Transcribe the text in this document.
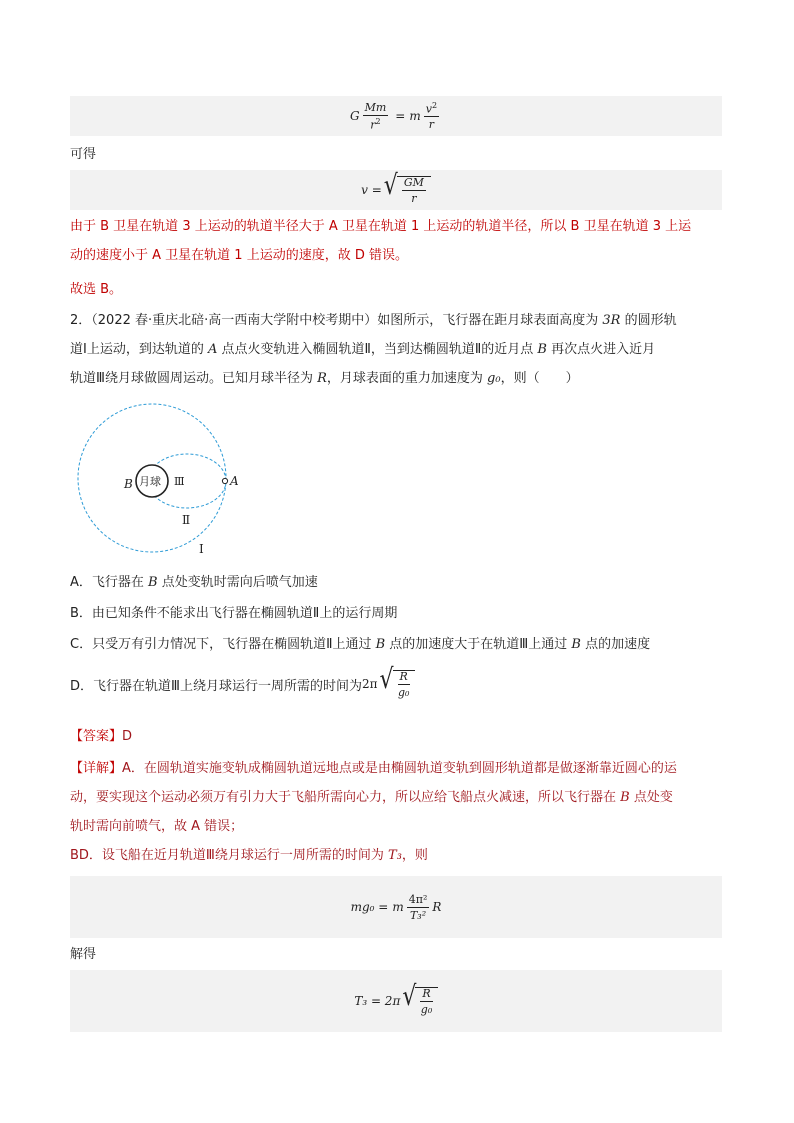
G $\frac{Mm}{r^2} = m \frac{v^2}{r}$
可得
v = √ $\frac{GM}{r}$
由于 B 卫星在轨道 3 上运动的轨道半径大于 A 卫星在轨道 1 上运动的轨道半径，所以 B 卫星在轨道 3 上运
动的速度小于 A 卫星在轨道 1 上运动的速度，故 D 错误。
故选 B。
2．（2022 春·重庆北碚·高一西南大学附中校考期中）如图所示，飞行器在距月球表面高度为 3R 的圆形轨
道Ⅰ上运动，到达轨道的 A 点点火变轨进入椭圆轨道Ⅱ，当到达椭圆轨道Ⅱ的近月点 B 再次点火进入近月
轨道Ⅲ绕月球做圆周运动。已知月球半径为 R，月球表面的重力加速度为 g₀，则（　　）
B 月球 Ⅲ	A
Ⅱ
Ⅰ
A．飞行器在 B 点处变轨时需向后喷气加速
B．由已知条件不能求出飞行器在椭圆轨道Ⅱ上的运行周期
C．只受万有引力情况下，飞行器在椭圆轨道Ⅱ上通过 B 点的加速度大于在轨道Ⅲ上通过 B 点的加速度
D．飞行器在轨道Ⅲ上绕月球运行一周所需的时间为 2π √ $\frac{R}{\text{g₀}}$
【答案】D
【详解】A．在圆轨道实施变轨成椭圆轨道远地点或是由椭圆轨道变轨到圆形轨道都是做逐渐靠近圆心的运
动，要实现这个运动必须万有引力大于飞船所需向心力，所以应给飞船点火减速，所以飞行器在 B 点处变
轨时需向前喷气，故 A 错误；
BD．设飞船在近月轨道Ⅲ绕月球运行一周所需的时间为 T₃，则
mg₀ = m $\frac{\text{4π²}}{\text{T₃²}}$ R
解得
T₃ = 2π √ $\frac{R}{\text{g₀}}$
